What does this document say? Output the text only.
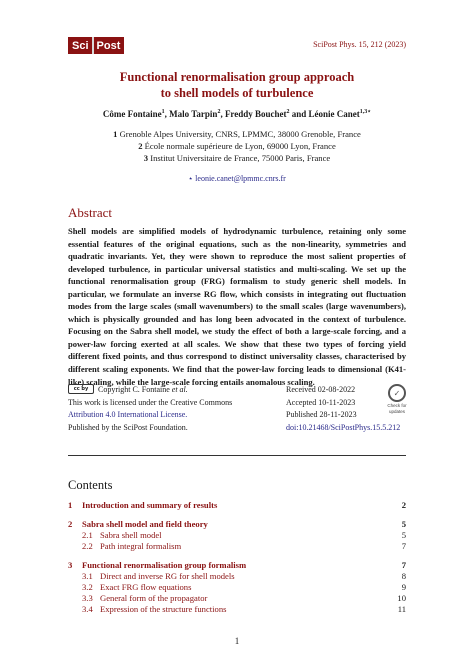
Sci Post	SciPost Phys. 15, 212 (2023)
Functional renormalisation group approach
to shell models of turbulence
Côme Fontaine$^1$, Malo Tarpin$^2$, Freddy Bouchet$^2$ and Léonie Canet$^{1,3⋆}$
1 Grenoble Alpes University, CNRS, LPMMC, 38000 Grenoble, France
2 École normale supérieure de Lyon, 69000 Lyon, France
3 Institut Universitaire de France, 75000 Paris, France
⋆ leonie.canet@lpmmc.cnrs.fr
Abstract
Shell models are simplified models of hydrodynamic turbulence, retaining only some essential features of the original equations, such as the non-linearity, symmetries and quadratic invariants. Yet, they were shown to reproduce the most salient properties of developed turbulence, in particular universal statistics and multi-scaling. We set up the functional renormalisation group (FRG) formalism to study generic shell models. In particular, we formulate an inverse RG flow, which consists in integrating out fluctuation modes from the large scales (small wavenumbers) to the small scales (large wavenumbers), which is physically grounded and has long been advocated in the context of turbulence. Focusing on the Sabra shell model, we study the effect of both a large-scale forcing, and a power-law forcing exerted at all scales. We show that these two types of forcing yield different fixed points, and thus correspond to distinct universality classes, characterised by different scaling exponents. We find that the power-law forcing leads to dimensional (K41-like) scaling, while the large-scale forcing entails anomalous scaling.
cc by Copyright C. Fontaine et al.
This work is licensed under the Creative Commons
Attribution 4.0 International License.
Published by the SciPost Foundation.
Received 02-08-2022
Accepted 10-11-2023
Published 28-11-2023
doi:10.21468/SciPostPhys.15.5.212
✓
Check for
updates
Contents
1 Introduction and summary of results	2
2 Sabra shell model and field theory	5
2.1 Sabra shell model	5
2.2 Path integral formalism	7
3 Functional renormalisation group formalism	7
3.1 Direct and inverse RG for shell models	8
3.2 Exact FRG flow equations	9
3.3 General form of the propagator	10
3.4 Expression of the structure functions	11
1
